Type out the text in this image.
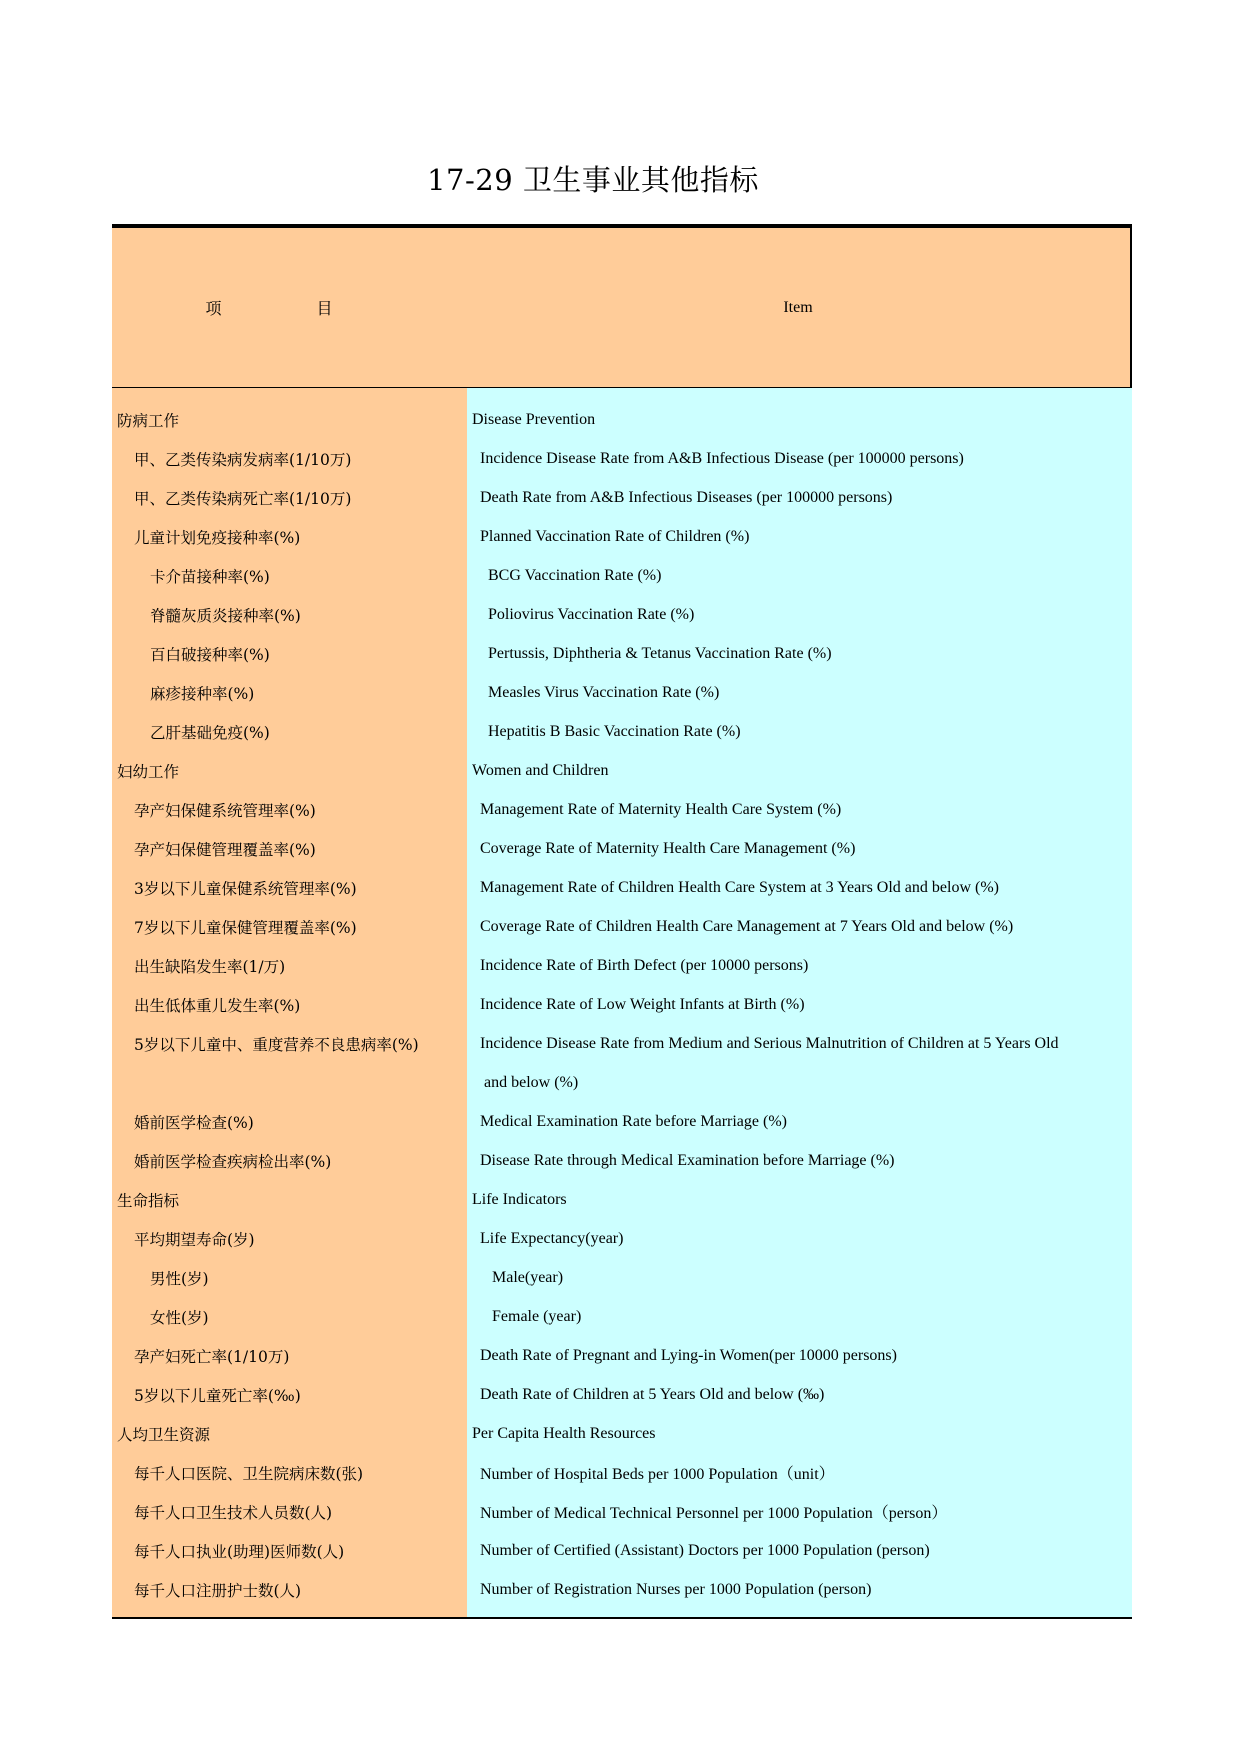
17-29 卫生事业其他指标
项 目	Item
防病工作
甲、乙类传染病发病率(1/10万)
甲、乙类传染病死亡率(1/10万)
儿童计划免疫接种率(%)
卡介苗接种率(%)
脊髓灰质炎接种率(%)
百白破接种率(%)
麻疹接种率(%)
乙肝基础免疫(%)
妇幼工作
孕产妇保健系统管理率(%)
孕产妇保健管理覆盖率(%)
3岁以下儿童保健系统管理率(%)
7岁以下儿童保健管理覆盖率(%)
出生缺陷发生率(1/万)
出生低体重儿发生率(%)
5岁以下儿童中、重度营养不良患病率(%)
婚前医学检查(%)
婚前医学检查疾病检出率(%)
生命指标
平均期望寿命(岁)
男性(岁)
女性(岁)
孕产妇死亡率(1/10万)
5岁以下儿童死亡率(‰)
人均卫生资源
每千人口医院、卫生院病床数(张)
每千人口卫生技术人员数(人)
每千人口执业(助理)医师数(人)
每千人口注册护士数(人)
Disease Prevention
Incidence Disease Rate from A&B Infectious Disease (per 100000 persons)
Death Rate from A&B Infectious Diseases (per 100000 persons)
Planned Vaccination Rate of Children (%)
BCG Vaccination Rate (%)
Poliovirus Vaccination Rate (%)
Pertussis, Diphtheria & Tetanus Vaccination Rate (%)
Measles Virus Vaccination Rate (%)
Hepatitis B Basic Vaccination Rate (%)
Women and Children
Management Rate of Maternity Health Care System (%)
Coverage Rate of Maternity Health Care Management (%)
Management Rate of Children Health Care System at 3 Years Old and below (%)
Coverage Rate of Children Health Care Management at 7 Years Old and below (%)
Incidence Rate of Birth Defect (per 10000 persons)
Incidence Rate of Low Weight Infants at Birth (%)
Incidence Disease Rate from Medium and Serious Malnutrition of Children at 5 Years Old
and below (%)
Medical Examination Rate before Marriage (%)
Disease Rate through Medical Examination before Marriage (%)
Life Indicators
Life Expectancy(year)
Male(year)
Female (year)
Death Rate of Pregnant and Lying-in Women(per 10000 persons)
Death Rate of Children at 5 Years Old and below (‰)
Per Capita Health Resources
Number of Hospital Beds per 1000 Population（unit）
Number of Medical Technical Personnel per 1000 Population（person）
Number of Certified (Assistant) Doctors per 1000 Population (person)
Number of Registration Nurses per 1000 Population (person)
